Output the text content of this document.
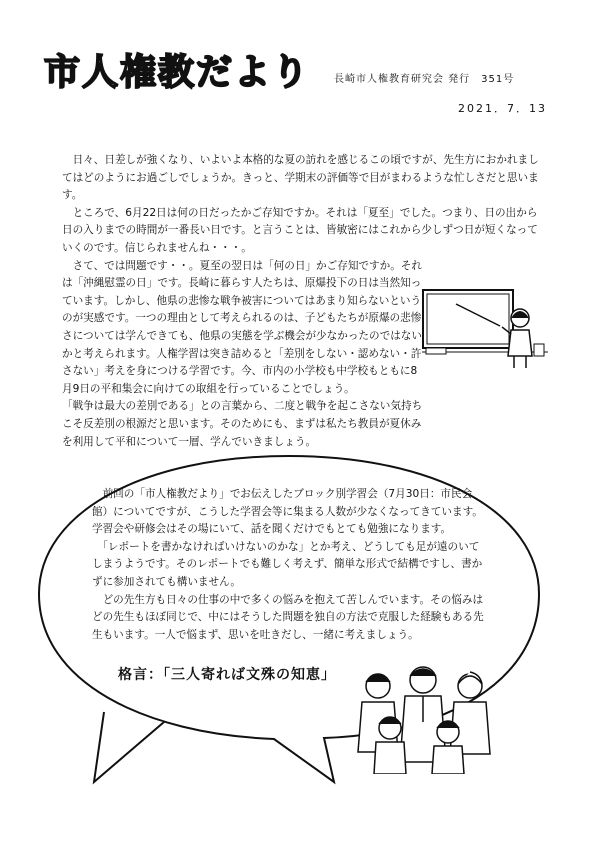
市人権教だより 長崎市人権教育研究会 発行　351号
2021．7．13

　日々、日差しが強くなり、いよいよ本格的な夏の訪れを感じるこの頃ですが、先生方におかれましてはどのようにお過ごしでしょうか。きっと、学期末の評価等で目がまわるような忙しさだと思います。

　ところで、6月22日は何の日だったかご存知ですか。それは「夏至」でした。つまり、日の出から日の入りまでの時間が一番長い日です。と言うことは、皆敏密にはこれから少しずつ日が短くなっていくのです。信じられませんね・・・。

　さて、では問題です・・。夏至の翌日は「何の日」かご存知ですか。それは「沖縄慰霊の日」です。長崎に暮らす人たちは、原爆投下の日は当然知っています。しかし、他県の悲惨な戦争被害についてはあまり知らないというのが実感です。一つの理由として考えられるのは、子どもたちが原爆の悲惨さについては学んできても、他県の実態を学ぶ機会が少なかったのではないかと考えられます。人権学習は突き詰めると「差別をしない・認めない・許さない」考えを身につける学習です。今、市内の小学校も中学校もともに8月9日の平和集会に向けての取組を行っていることでしょう。

「戦争は最大の差別である」との言葉から、二度と戦争を起こさない気持ちこそ反差別の根源だと思います。そのためにも、まずは私たち教員が夏休みを利用して平和について一層、学んでいきましょう。

　前回の「市人権教だより」でお伝えしたブロック別学習会（7月30日：市民会館）についてですが、こうした学習会等に集まる人数が少なくなってきています。学習会や研修会はその場にいて、話を聞くだけでもとても勉強になります。

　「レポートを書かなければいけないのかな」とか考え、どうしても足が遠のいてしまうようです。そのレポートでも難しく考えず、簡単な形式で結構ですし、書かずに参加されても構いません。

　どの先生方も日々の仕事の中で多くの悩みを抱えて苦しんでいます。その悩みはどの先生もほぼ同じで、中にはそうした問題を独自の方法で克服した経験もある先生もいます。一人で悩まず、思いを吐きだし、一緒に考えましょう。

格言：「三人寄れば文殊の知恵」
